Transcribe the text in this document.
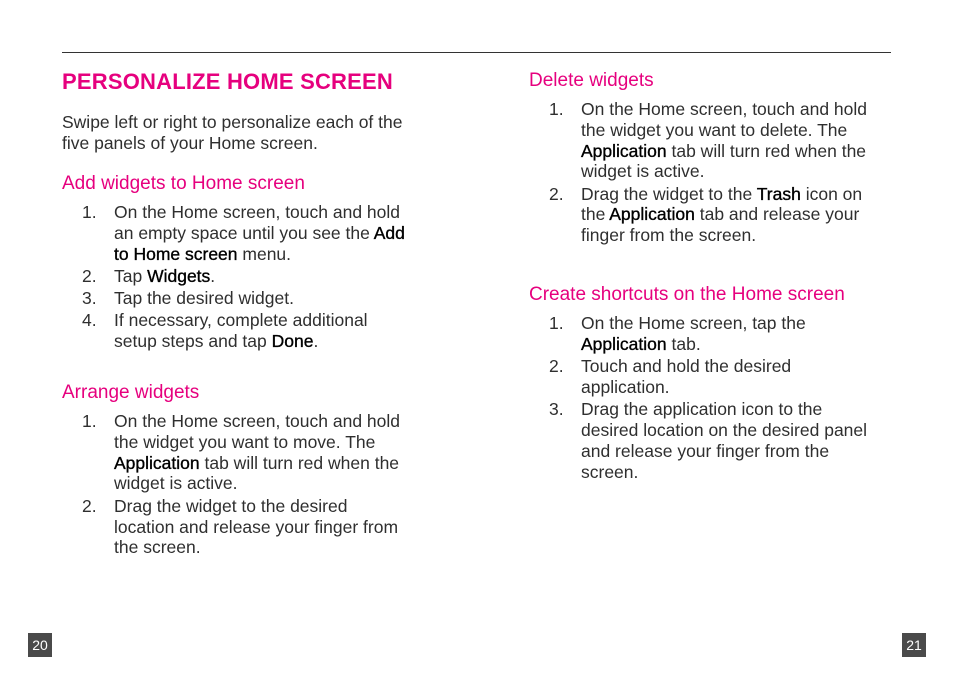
PERSONALIZE HOME SCREEN

Swipe left or right to personalize each of the five panels of your Home screen.

Add widgets to Home screen
1. On the Home screen, touch and hold an empty space until you see the Add to Home screen menu.
2. Tap Widgets.
3. Tap the desired widget.
4. If necessary, complete additional setup steps and tap Done.
Arrange widgets
1. On the Home screen, touch and hold the widget you want to move. The Application tab will turn red when the widget is active.
2. Drag the widget to the desired location and release your finger from the screen.
Delete widgets
1. On the Home screen, touch and hold the widget you want to delete. The Application tab will turn red when the widget is active.
2. Drag the widget to the Trash icon on the Application tab and release your finger from the screen.
Create shortcuts on the Home screen
1. On the Home screen, tap the Application tab.
2. Touch and hold the desired application.
3. Drag the application icon to the desired location on the desired panel and release your finger from the screen.
20	21
